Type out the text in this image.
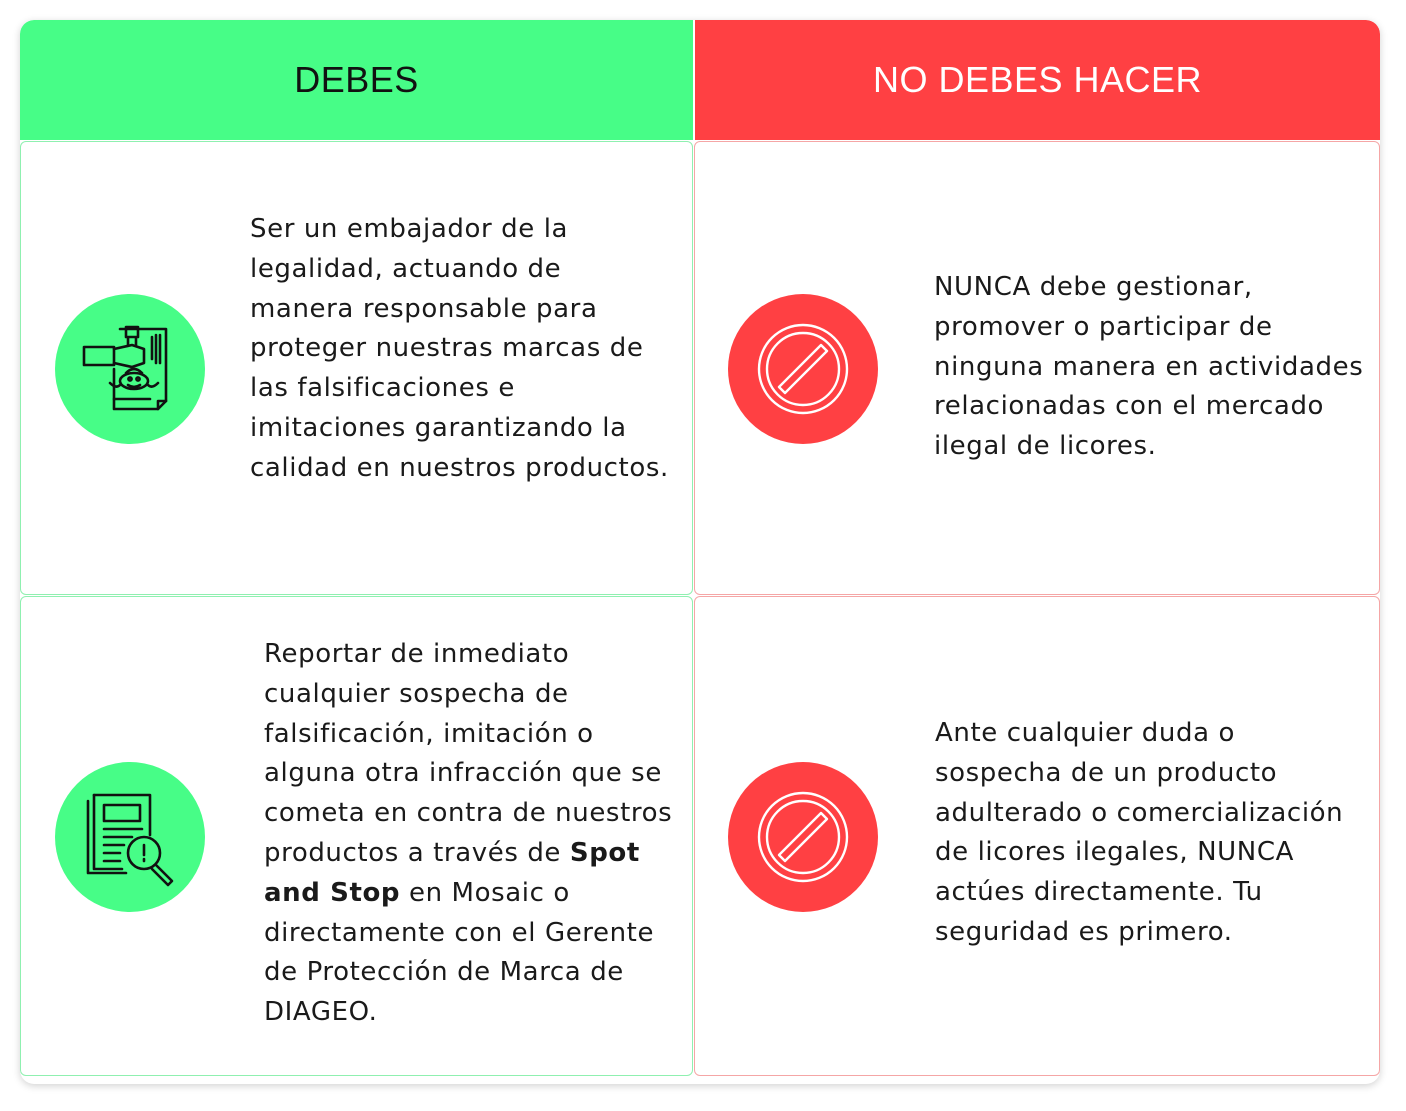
DEBES	NO DEBES HACER
Ser un embajador de la legalidad, actuando de manera responsable para proteger nuestras marcas de las falsificaciones e imitaciones garantizando la calidad en nuestros productos.
NUNCA debe gestionar, promover o participar de ninguna manera en actividades relacionadas con el mercado ilegal de licores.
Reportar de inmediato cualquier sospecha de falsificación, imitación o alguna otra infracción que se cometa en contra de nuestros productos a través de Spot and Stop en Mosaic o directamente con el Gerente de Protección de Marca de DIAGEO.
Ante cualquier duda o sospecha de un producto adulterado o comercialización de licores ilegales, NUNCA actúes directamente. Tu seguridad es primero.
